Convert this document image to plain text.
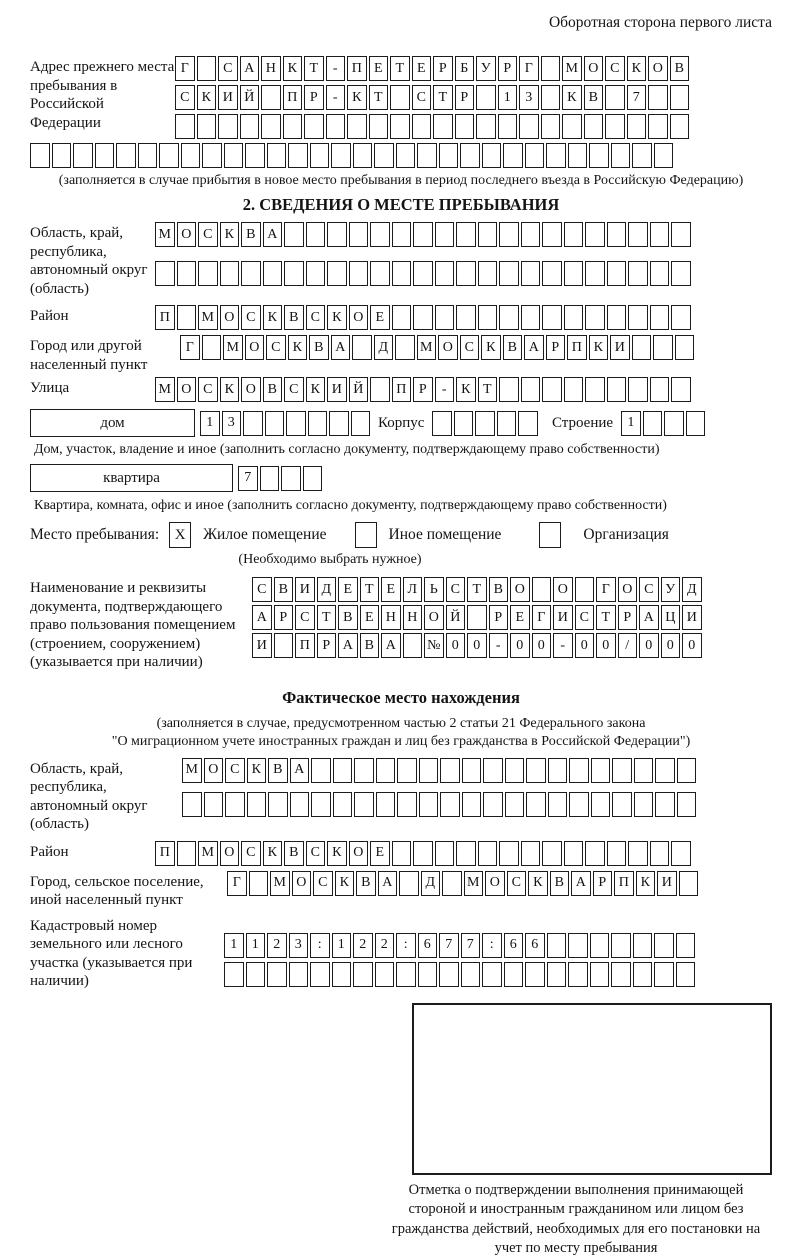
Оборотная сторона первого листа
Адрес прежнего места пребывания в Российской Федерации
Г	С А Н К Т	-	П Е Т Е Р Б У Р Г	М О С К О В
С К И Й	П Р	-	К Т	С Т Р	1	3	К В	7
(заполняется в случае прибытия в новое место пребывания в период последнего въезда в Российскую Федерацию)
2. СВЕДЕНИЯ О МЕСТЕ ПРЕБЫВАНИЯ
Область, край, республика, автономный округ (область)
М О С К В А
Район	П	М О С К В С К О Е
Город или другой населенный пункт
Г	М О С К В А	Д	М О С К В А Р П К И
Улица	М О С К О В С К И Й	П Р	-	К Т
дом	1	3	Корпус	Строение	1
Дом, участок, владение и иное (заполнить согласно документу, подтверждающему право собственности)
квартира	7
Квартира, комната, офис и иное (заполнить согласно документу, подтверждающему право собственности)
Место пребывания:	X	Жилое помещение	Иное помещение	Организация
(Необходимо выбрать нужное)
Наименование и реквизиты документа, подтверждающего право пользования помещением (строением, сооружением) (указывается при наличии)
С В И Д Е Т Е Л Ь С Т В О	О	Г О С У Д
А Р С Т В Е Н Н О Й	Р Е Г И С Т Р А Ц И
И	П Р А В А	№ 0	0	-	0	0	-	0	0	/	0	0	0
Фактическое место нахождения
(заполняется в случае, предусмотренном частью 2 статьи 21 Федерального закона
"О миграционном учете иностранных граждан и лиц без гражданства в Российской Федерации")
Область, край, республика, автономный округ (область)
М О С К В А
Район	П	М О С К В С К О Е
Город, сельское поселение, иной населенный пункт
Г	М О С К В А	Д	М О С К В А Р П К И
Кадастровый номер земельного или лесного участка (указывается при наличии)
1	1	2	3	:	1	2	2	:	6	7	7	:	6	6
Отметка о подтверждении выполнения принимающей стороной и иностранным гражданином или лицом без гражданства действий, необходимых для его постановки на учет по месту пребывания
